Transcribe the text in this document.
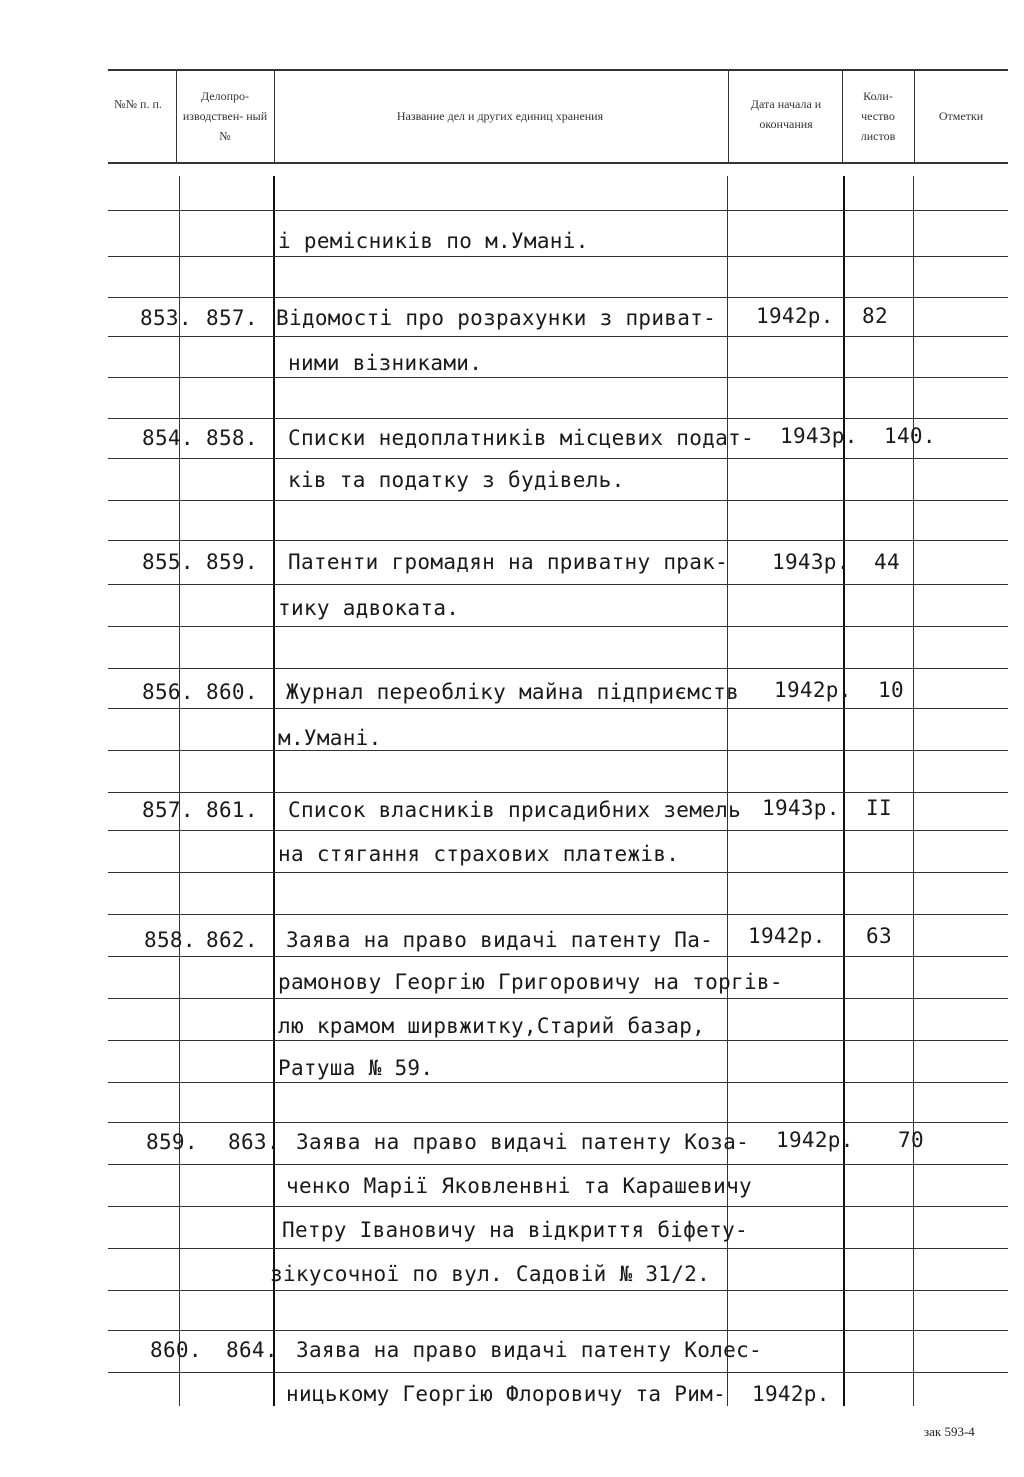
№№ п. п.
Делопро- изводствен- ный №
Название дел и других единиц хранения
Дата начала и окончания
Коли- чество листов
Отметки
і ремісників по м.Умані.
853. 857. Відомості про розрахунки з приват-
ними візниками.
1942р. 82
854. 858. Списки недоплатників місцевих подат-
ків та податку з будівель.
1943р. 140.
855. 859. Патенти громадян на приватну прак-
тику адвоката.
1943р. 44
856. 860. Журнал переобліку майна підприємств
м.Умані.
1942р. 10
857. 861. Список власників присадибних земель
на стягання страхових платежів.
1943р. II
858. 862. Заява на право видачі патенту Па-
рамонову Георгію Григоровичу на торгів-
лю крамом ширвжитку,Старий базар,
Ратуша № 59.
1942р. 63
859. 863. Заява на право видачі патенту Коза-
ченко Марії Яковленвні та Карашевичу
Петру Івановичу на відкриття біфету-
зікусочної по вул. Садовій № 31/2.
1942р. 70
860. 864. Заява на право видачі патенту Колес-
ницькому Георгію Флоровичу та Рим- 1942р.
зак 593-4
